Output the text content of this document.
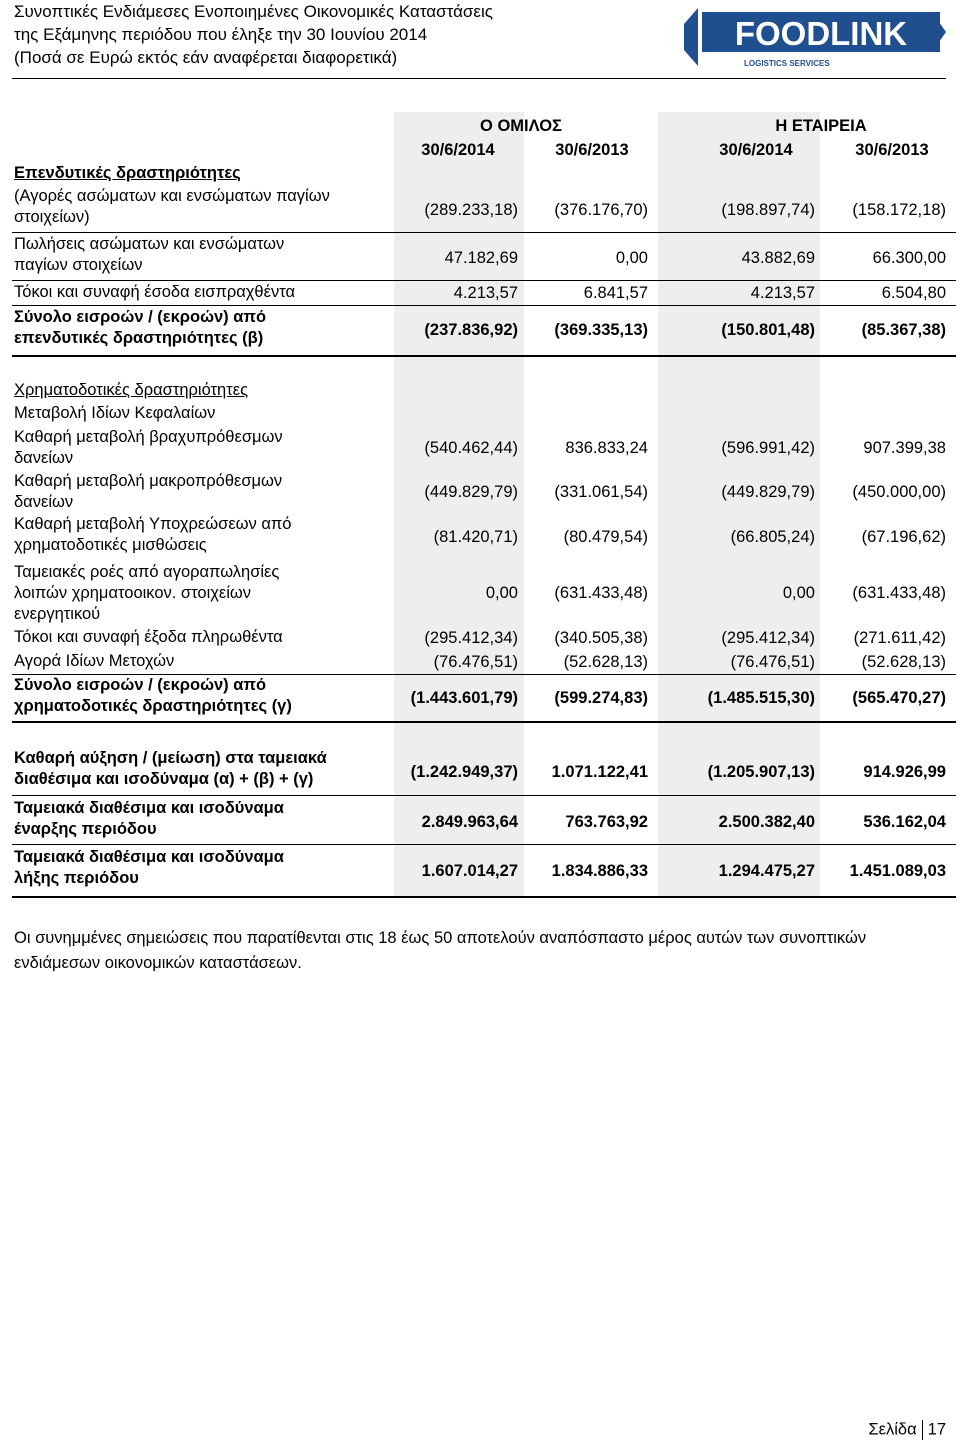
Συνοπτικές Ενδιάμεσες Ενοποιημένες Οικονομικές Καταστάσεις
της Εξάμηνης περιόδου που έληξε την 30 Ιουνίου 2014
(Ποσά σε Ευρώ εκτός εάν αναφέρεται διαφορετικά)
FOODLINK
LOGISTICS SERVICES
Ο ΟΜΙΛΟΣ	Η ΕΤΑΙΡΕΙΑ
30/6/2014	30/6/2013	30/6/2014	30/6/2013
Επενδυτικές δραστηριότητες
(Αγορές ασώματων και ενσώματων παγίων
στοιχείων)	(289.233,18) (376.176,70)	(198.897,74) (158.172,18)
Πωλήσεις ασώματων και ενσώματων
παγίων στοιχείων	47.182,69	0,00	43.882,69	66.300,00
Τόκοι και συναφή έσοδα εισπραχθέντα	4.213,57	6.841,57	4.213,57	6.504,80
Σύνολο εισροών / (εκροών) από
επενδυτικές δραστηριότητες (β)	(237.836,92) (369.335,13)	(150.801,48)	(85.367,38)
Χρηματοδοτικές δραστηριότητες
Μεταβολή Ιδίων Κεφαλαίων
Καθαρή μεταβολή βραχυπρόθεσμων
δανείων
(540.462,44)	836.833,24	(596.991,42)	907.399,38
Καθαρή μεταβολή μακροπρόθεσμων
δανείων
(449.829,79) (331.061,54)	(449.829,79) (450.000,00)
Καθαρή μεταβολή Υποχρεώσεων από
χρηματοδοτικές μισθώσεις	(81.420,71)	(80.479,54)	(66.805,24)	(67.196,62)
Ταμειακές ροές από αγοραπωλησίες
λοιπών χρηματοοικον. στοιχείων
ενεργητικού
0,00 (631.433,48)	0,00 (631.433,48)
Τόκοι και συναφή έξοδα πληρωθέντα	(295.412,34) (340.505,38)	(295.412,34) (271.611,42)
Αγορά Ιδίων Μετοχών	(76.476,51)	(52.628,13)	(76.476,51)	(52.628,13)
Σύνολο εισροών / (εκροών) από
χρηματοδοτικές δραστηριότητες (γ)	(1.443.601,79) (599.274,83)	(1.485.515,30) (565.470,27)
Καθαρή αύξηση / (μείωση) στα ταμειακά
διαθέσιμα και ισοδύναμα (α) + (β) + (γ)	(1.242.949,37) 1.071.122,41	(1.205.907,13)	914.926,99
Ταμειακά διαθέσιμα και ισοδύναμα
έναρξης περιόδου	2.849.963,64	763.763,92	2.500.382,40	536.162,04
Ταμειακά διαθέσιμα και ισοδύναμα
λήξης περιόδου	1.607.014,27 1.834.886,33	1.294.475,27 1.451.089,03
Οι συνημμένες σημειώσεις που παρατίθενται στις 18 έως 50 αποτελούν αναπόσπαστο μέρος αυτών των συνοπτικών ενδιάμεσων οικονομικών καταστάσεων.
Σελίδα 17
